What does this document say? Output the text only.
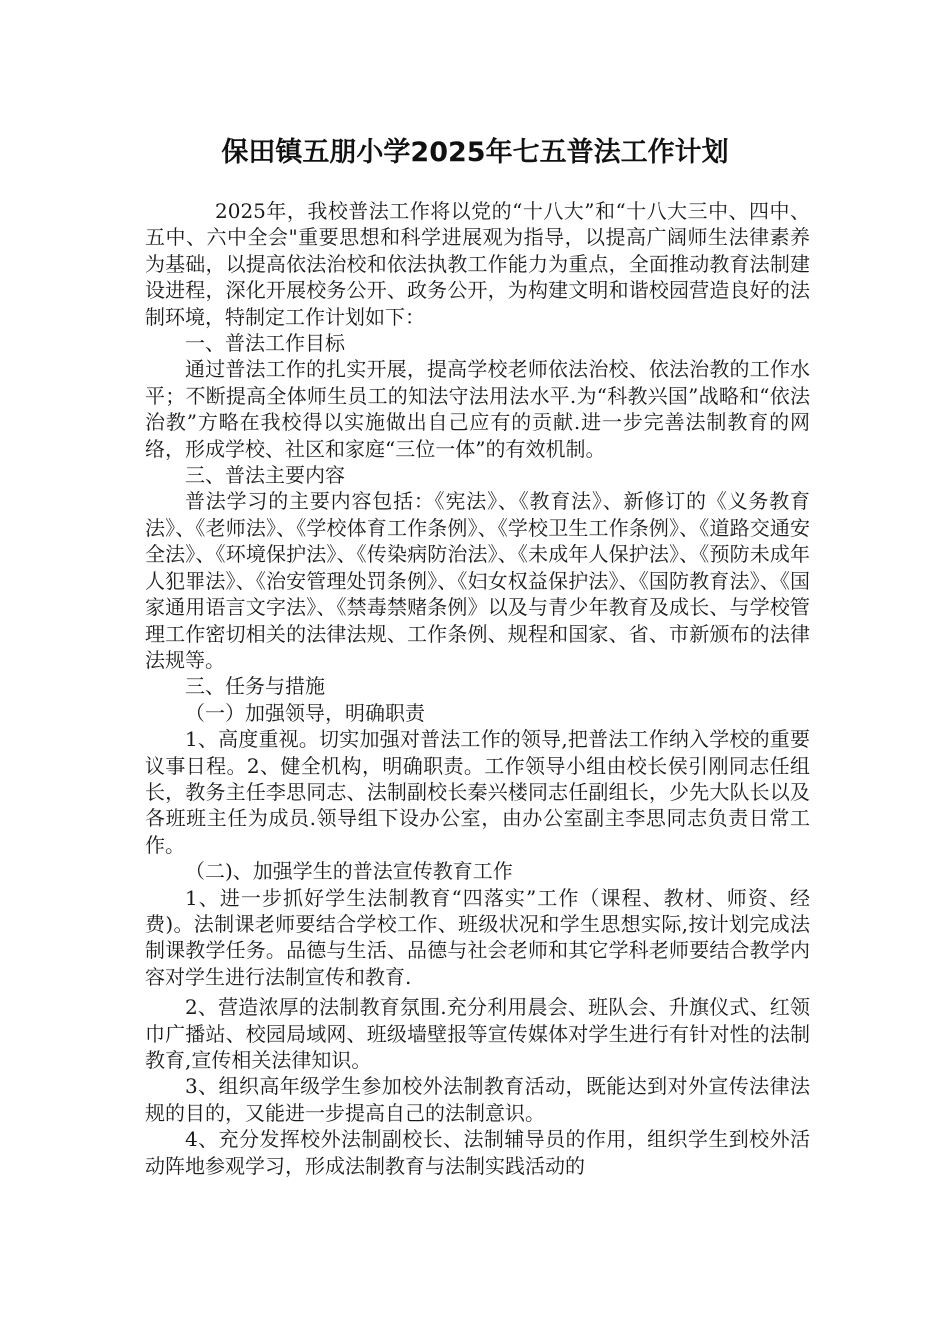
保田镇五朋小学2025年七五普法工作计划

2025年，我校普法工作将以党的“十八大”和“十八大三中、四中、五中、六中全会"重要思想和科学进展观为指导，以提高广阔师生法律素养为基础，以提高依法治校和依法执教工作能力为重点，全面推动教育法制建设进程，深化开展校务公开、政务公开，为构建文明和谐校园营造良好的法制环境，特制定工作计划如下：

一、普法工作目标

通过普法工作的扎实开展，提高学校老师依法治校、依法治教的工作水平；不断提高全体师生员工的知法守法用法水平.为“科教兴国”战略和“依法治教”方略在我校得以实施做出自己应有的贡献.进一步完善法制教育的网络，形成学校、社区和家庭“三位一体”的有效机制。

三、普法主要内容

普法学习的主要内容包括：《宪法》、《教育法》、新修订的《义务教育法》、《老师法》、《学校体育工作条例》、《学校卫生工作条例》、《道路交通安全法》、《环境保护法》、《传染病防治法》、《未成年人保护法》、《预防未成年人犯罪法》、《治安管理处罚条例》、《妇女权益保护法》、《国防教育法》、《国家通用语言文字法》、《禁毒禁赌条例》以及与青少年教育及成长、与学校管理工作密切相关的法律法规、工作条例、规程和国家、省、市新颁布的法律法规等。

三、任务与措施

（一）加强领导，明确职责

1、高度重视。切实加强对普法工作的领导,把普法工作纳入学校的重要议事日程。2、健全机构，明确职责。工作领导小组由校长侯引刚同志任组长，教务主任李思同志、法制副校长秦兴楼同志任副组长，少先大队长以及各班班主任为成员.领导组下设办公室，由办公室副主李思同志负责日常工作。

（二)、加强学生的普法宣传教育工作

1、进一步抓好学生法制教育“四落实”工作（课程、教材、师资、经费)。法制课老师要结合学校工作、班级状况和学生思想实际,按计划完成法制课教学任务。品德与生活、品德与社会老师和其它学科老师要结合教学内容对学生进行法制宣传和教育.

2、营造浓厚的法制教育氛围.充分利用晨会、班队会、升旗仪式、红领巾广播站、校园局域网、班级墙壁报等宣传媒体对学生进行有针对性的法制教育,宣传相关法律知识。

3、组织高年级学生参加校外法制教育活动，既能达到对外宣传法律法规的目的，又能进一步提高自己的法制意识。

4、充分发挥校外法制副校长、法制辅导员的作用，组织学生到校外活动阵地参观学习，形成法制教育与法制实践活动的
